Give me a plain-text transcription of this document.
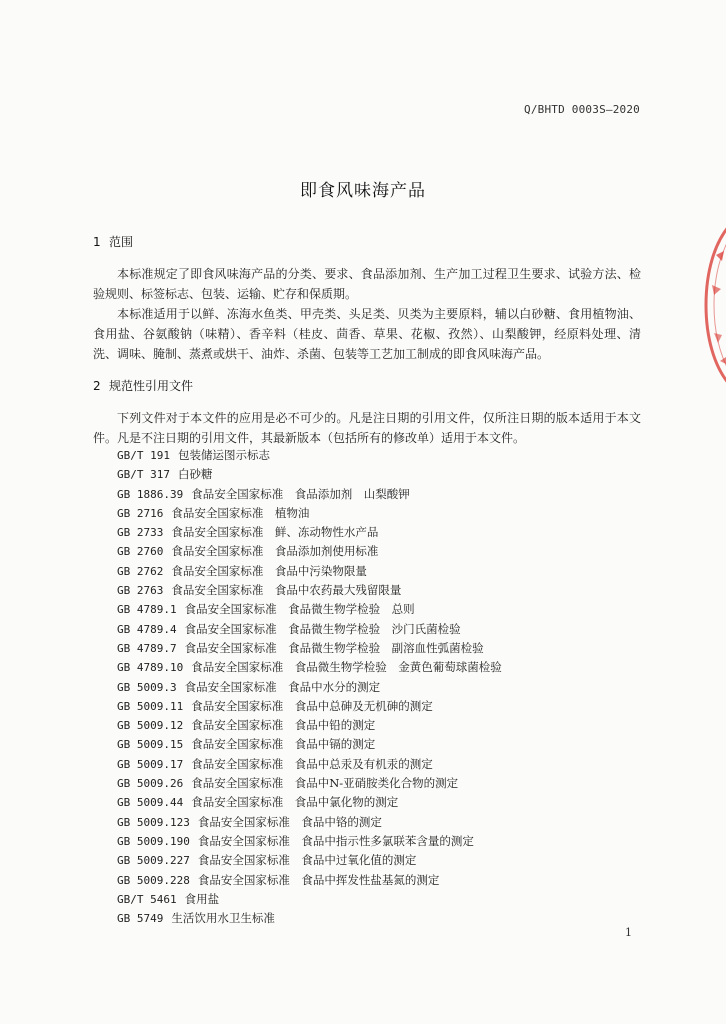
Q/BHTD 0003S—2020
即食风味海产品
1 范围
本标准规定了即食风味海产品的分类、要求、食品添加剂、生产加工过程卫生要求、试验方法、检验规则、标签标志、包装、运输、贮存和保质期。
本标准适用于以鲜、冻海水鱼类、甲壳类、头足类、贝类为主要原料，辅以白砂糖、食用植物油、食用盐、谷氨酸钠（味精）、香辛料（桂皮、茴香、草果、花椒、孜然）、山梨酸钾，经原料处理、清洗、调味、腌制、蒸煮或烘干、油炸、杀菌、包装等工艺加工制成的即食风味海产品。
2 规范性引用文件
下列文件对于本文件的应用是必不可少的。凡是注日期的引用文件，仅所注日期的版本适用于本文件。凡是不注日期的引用文件，其最新版本（包括所有的修改单）适用于本文件。
GB/T 191 包装储运图示标志
GB/T 317 白砂糖
GB 1886.39 食品安全国家标准　食品添加剂　山梨酸钾
GB 2716 食品安全国家标准　植物油
GB 2733 食品安全国家标准　鲜、冻动物性水产品
GB 2760 食品安全国家标准　食品添加剂使用标准
GB 2762 食品安全国家标准　食品中污染物限量
GB 2763 食品安全国家标准　食品中农药最大残留限量
GB 4789.1 食品安全国家标准　食品微生物学检验　总则
GB 4789.4 食品安全国家标准　食品微生物学检验　沙门氏菌检验
GB 4789.7 食品安全国家标准　食品微生物学检验　副溶血性弧菌检验
GB 4789.10 食品安全国家标准　食品微生物学检验　金黄色葡萄球菌检验
GB 5009.3 食品安全国家标准　食品中水分的测定
GB 5009.11 食品安全国家标准　食品中总砷及无机砷的测定
GB 5009.12 食品安全国家标准　食品中铅的测定
GB 5009.15 食品安全国家标准　食品中镉的测定
GB 5009.17 食品安全国家标准　食品中总汞及有机汞的测定
GB 5009.26 食品安全国家标准　食品中N-亚硝胺类化合物的测定
GB 5009.44 食品安全国家标准　食品中氯化物的测定
GB 5009.123 食品安全国家标准　食品中铬的测定
GB 5009.190 食品安全国家标准　食品中指示性多氯联苯含量的测定
GB 5009.227 食品安全国家标准　食品中过氧化值的测定
GB 5009.228 食品安全国家标准　食品中挥发性盐基氮的测定
GB/T 5461 食用盐
GB 5749 生活饮用水卫生标准
1
